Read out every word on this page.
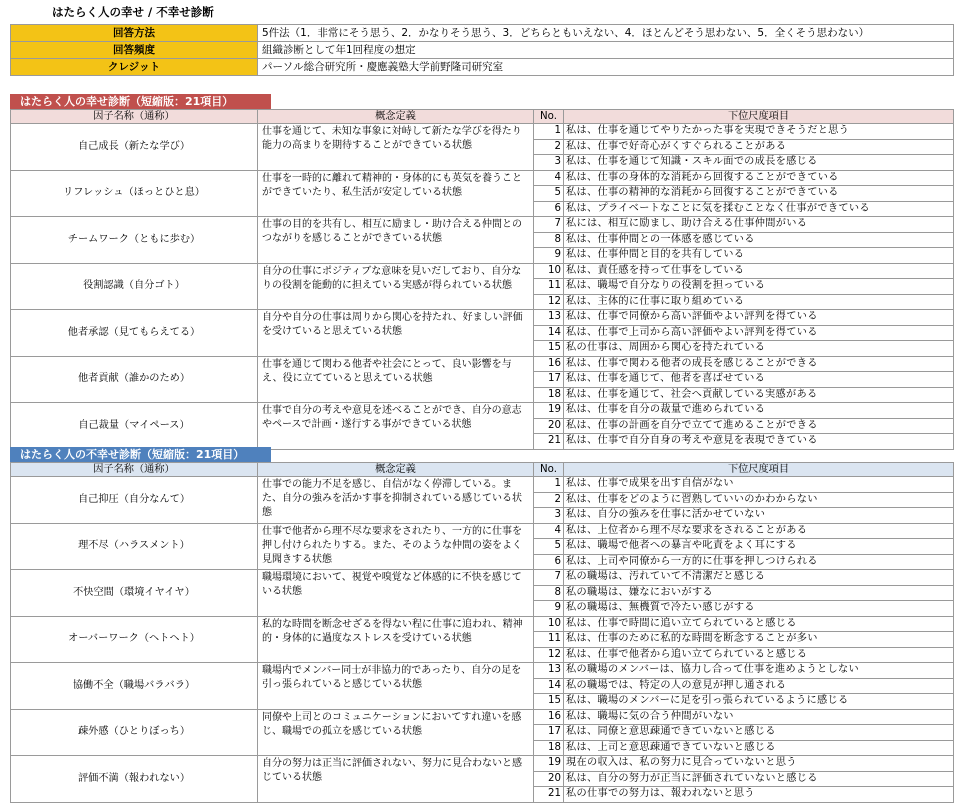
はたらく人の幸せ / 不幸せ診断
回答方法	5件法（1．非常にそう思う、2．かなりそう思う、3．どちらともいえない、4．ほとんどそう思わない、5．全くそう思わない）
回答頻度	組織診断として年1回程度の想定
クレジット	パーソル総合研究所・慶應義塾大学前野隆司研究室
はたらく人の幸せ診断（短縮版：21項目）
因子名称（通称）	概念定義	No.	下位尺度項目
自己成長（新たな学び）	仕事を通じて、未知な事象に対峙して新たな学びを得たり能力の高まりを期待することができている状態	1	私は、仕事を通じてやりたかった事を実現できそうだと思う
		2	私は、仕事で好奇心がくすぐられることがある
		3	私は、仕事を通じて知識・スキル面での成長を感じる
リフレッシュ（ほっとひと息）	仕事を一時的に離れて精神的・身体的にも英気を養うことができていたり、私生活が安定している状態	4	私は、仕事の身体的な消耗から回復することができている
		5	私は、仕事の精神的な消耗から回復することができている
		6	私は、プライベートなことに気を揉むことなく仕事ができている
チームワーク（ともに歩む）	仕事の目的を共有し、相互に励まし・助け合える仲間とのつながりを感じることができている状態	7	私には、相互に励まし、助け合える仕事仲間がいる
		8	私は、仕事仲間との一体感を感じている
		9	私は、仕事仲間と目的を共有している
役割認識（自分ゴト）	自分の仕事にポジティブな意味を見いだしており、自分なりの役割を能動的に担えている実感が得られている状態	10	私は、責任感を持って仕事をしている
		11	私は、職場で自分なりの役割を担っている
		12	私は、主体的に仕事に取り組めている
他者承認（見てもらえてる）	自分や自分の仕事は周りから関心を持たれ、好ましい評価を受けていると思えている状態	13	私は、仕事で同僚から高い評価やよい評判を得ている
		14	私は、仕事で上司から高い評価やよい評判を得ている
		15	私の仕事は、周囲から関心を持たれている
他者貢献（誰かのため）	仕事を通じて関わる他者や社会にとって、良い影響を与え、役に立てていると思えている状態	16	私は、仕事で関わる他者の成長を感じることができる
		17	私は、仕事を通じて、他者を喜ばせている
		18	私は、仕事を通じて、社会へ貢献している実感がある
自己裁量（マイペース）	仕事で自分の考えや意見を述べることができ、自分の意志やペースで計画・遂行する事ができている状態	19	私は、仕事を自分の裁量で進められている
		20	私は、仕事の計画を自分で立てて進めることができる
		21	私は、仕事で自分自身の考えや意見を表現できている
はたらく人の不幸せ診断（短縮版：21項目）
因子名称（通称）	概念定義	No.	下位尺度項目
自己抑圧（自分なんて）	仕事での能力不足を感じ、自信がなく停滞している。また、自分の強みを活かす事を抑制されている感じている状態	1	私は、仕事で成果を出す自信がない
		2	私は、仕事をどのように習熟していいのかわからない
		3	私は、自分の強みを仕事に活かせていない
理不尽（ハラスメント）	仕事で他者から理不尽な要求をされたり、一方的に仕事を押し付けられたりする。また、そのような仲間の姿をよく見聞きする状態	4	私は、上位者から理不尽な要求をされることがある
		5	私は、職場で他者への暴言や叱責をよく耳にする
		6	私は、上司や同僚から一方的に仕事を押しつけられる
不快空間（環境イヤイヤ）	職場環境において、視覚や嗅覚など体感的に不快を感じている状態	7	私の職場は、汚れていて不清潔だと感じる
		8	私の職場は、嫌なにおいがする
		9	私の職場は、無機質で冷たい感じがする
オーバーワーク（ヘトヘト）	私的な時間を断念せざるを得ない程に仕事に追われ、精神的・身体的に過度なストレスを受けている状態	10	私は、仕事で時間に追い立てられていると感じる
		11	私は、仕事のために私的な時間を断念することが多い
		12	私は、仕事で他者から追い立てられていると感じる
協働不全（職場バラバラ）	職場内でメンバー同士が非協力的であったり、自分の足を引っ張られていると感じている状態	13	私の職場のメンバーは、協力し合って仕事を進めようとしない
		14	私の職場では、特定の人の意見が押し通される
		15	私は、職場のメンバーに足を引っ張られているように感じる
疎外感（ひとりぼっち）	同僚や上司とのコミュニケーションにおいてすれ違いを感じ、職場での孤立を感じている状態	16	私は、職場に気の合う仲間がいない
		17	私は、同僚と意思疎通できていないと感じる
		18	私は、上司と意思疎通できていないと感じる
評価不満（報われない）	自分の努力は正当に評価されない、努力に見合わないと感じている状態	19	現在の収入は、私の努力に見合っていないと思う
		20	私は、自分の努力が正当に評価されていないと感じる
		21	私の仕事での努力は、報われないと思う
